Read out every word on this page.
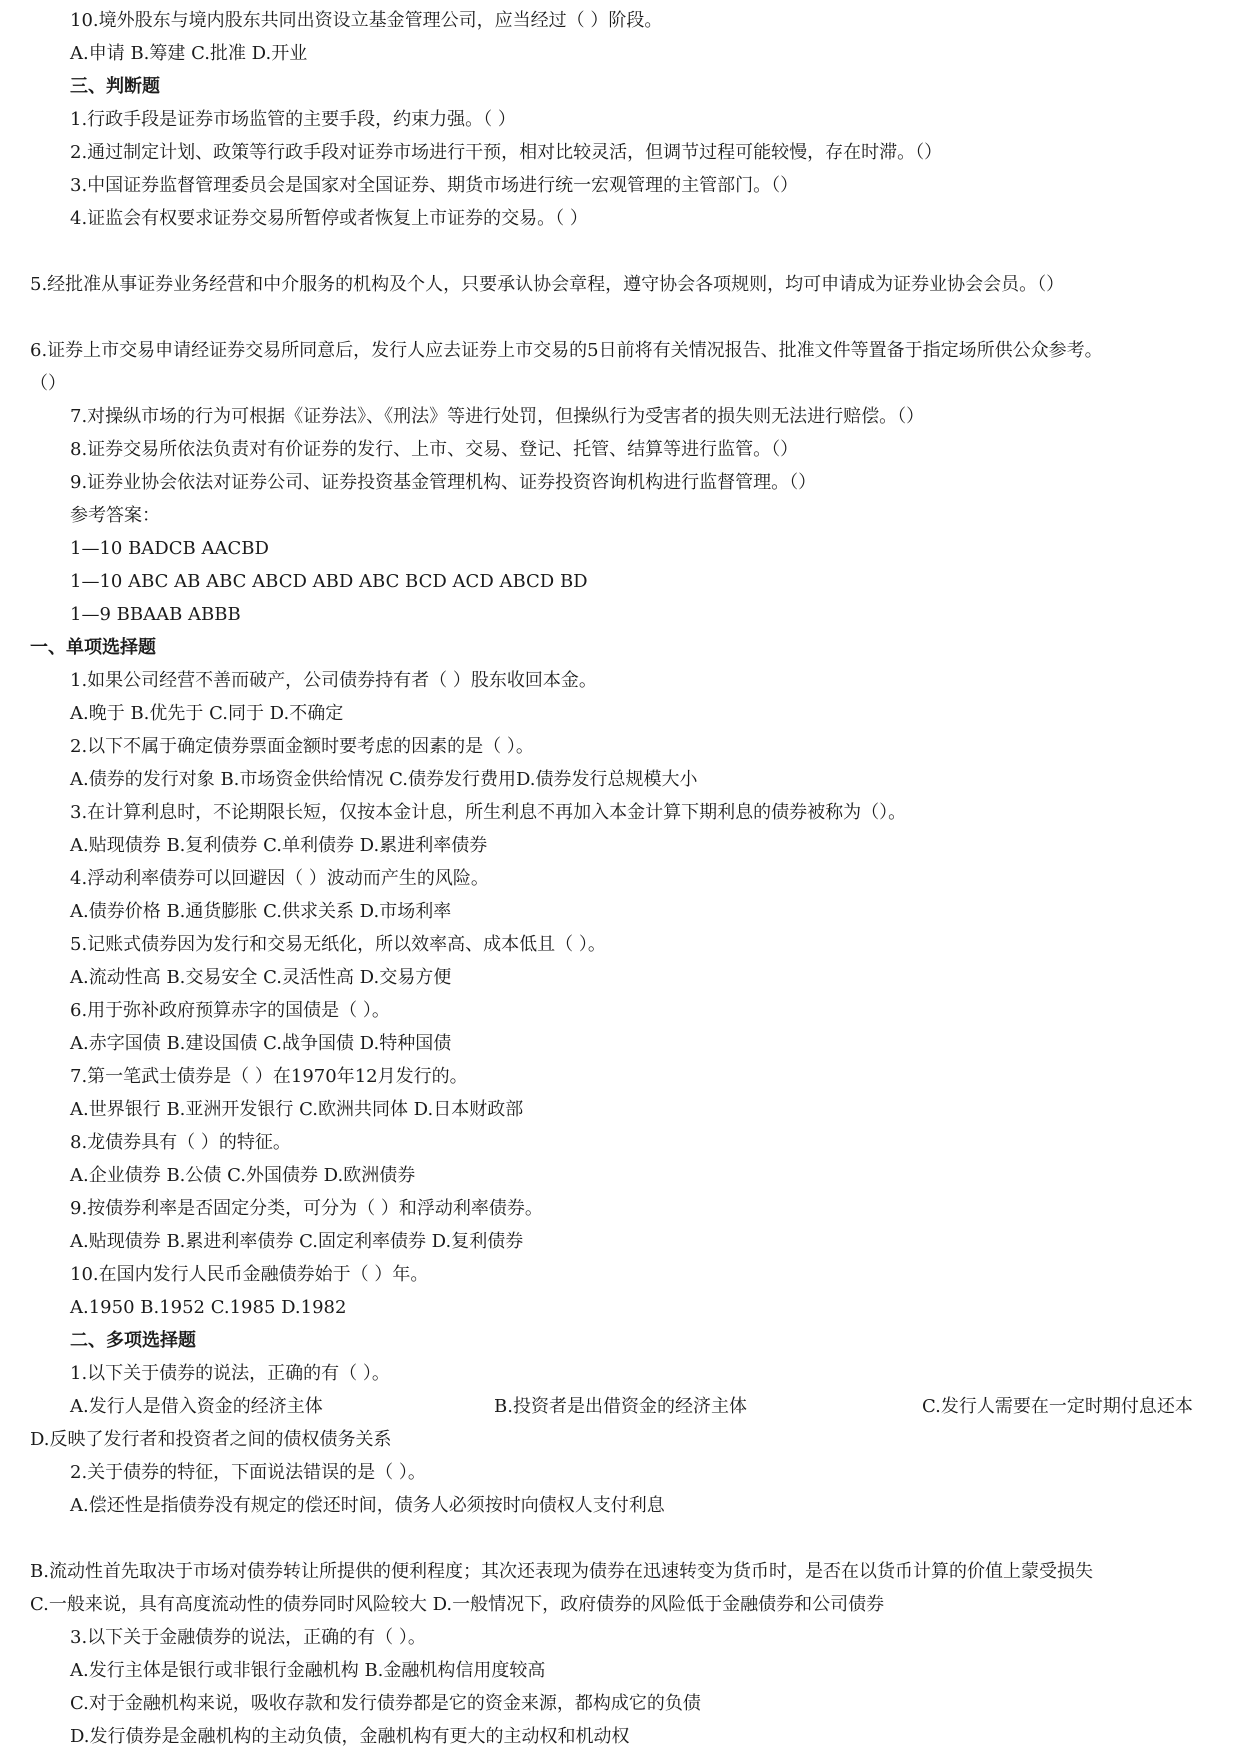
10.境外股东与境内股东共同出资设立基金管理公司，应当经过（ ）阶段。
A.申请 B.筹建 C.批准 D.开业
三、判断题
1.行政手段是证券市场监管的主要手段，约束力强。（ ）
2.通过制定计划、政策等行政手段对证券市场进行干预，相对比较灵活，但调节过程可能较慢，存在时滞。（）
3.中国证券监督管理委员会是国家对全国证券、期货市场进行统一宏观管理的主管部门。（）
4.证监会有权要求证券交易所暂停或者恢复上市证券的交易。（ ）
5.经批准从事证券业务经营和中介服务的机构及个人，只要承认协会章程，遵守协会各项规则，均可申请成为证券业协会会员。（）
6.证券上市交易申请经证券交易所同意后，发行人应去证券上市交易的5日前将有关情况报告、批准文件等置备于指定场所供公众参考。
（）
7.对操纵市场的行为可根据《证券法》、《刑法》等进行处罚，但操纵行为受害者的损失则无法进行赔偿。（）
8.证券交易所依法负责对有价证券的发行、上市、交易、登记、托管、结算等进行监管。（）
9.证券业协会依法对证券公司、证券投资基金管理机构、证券投资咨询机构进行监督管理。（）
参考答案：
1—10 BADCB AACBD
1—10 ABC AB ABC ABCD ABD ABC BCD ACD ABCD BD
1—9 BBAAB ABBB
一、单项选择题
1.如果公司经营不善而破产，公司债券持有者（ ）股东收回本金。
A.晚于 B.优先于 C.同于 D.不确定
2.以下不属于确定债券票面金额时要考虑的因素的是（ ）。
A.债券的发行对象 B.市场资金供给情况 C.债券发行费用D.债券发行总规模大小
3.在计算利息时，不论期限长短，仅按本金计息，所生利息不再加入本金计算下期利息的债券被称为（）。
A.贴现债券 B.复利债券 C.单利债券 D.累进利率债券
4.浮动利率债券可以回避因（ ）波动而产生的风险。
A.债券价格 B.通货膨胀 C.供求关系 D.市场利率
5.记账式债券因为发行和交易无纸化，所以效率高、成本低且（ ）。
A.流动性高 B.交易安全 C.灵活性高 D.交易方便
6.用于弥补政府预算赤字的国债是（ ）。
A.赤字国债 B.建设国债 C.战争国债 D.特种国债
7.第一笔武士债券是（ ）在1970年12月发行的。
A.世界银行 B.亚洲开发银行 C.欧洲共同体 D.日本财政部
8.龙债券具有（ ）的特征。
A.企业债券 B.公债 C.外国债券 D.欧洲债券
9.按债券利率是否固定分类，可分为（ ）和浮动利率债券。
A.贴现债券 B.累进利率债券 C.固定利率债券 D.复利债券
10.在国内发行人民币金融债券始于（ ）年。
A.1950 B.1952 C.1985 D.1982
二、多项选择题
1.以下关于债券的说法，正确的有（ ）。
A.发行人是借入资金的经济主体	B.投资者是出借资金的经济主体	C.发行人需要在一定时期付息还本
D.反映了发行者和投资者之间的债权债务关系
2.关于债券的特征，下面说法错误的是（ ）。
A.偿还性是指债券没有规定的偿还时间，债务人必须按时向债权人支付利息
B.流动性首先取决于市场对债券转让所提供的便利程度；其次还表现为债券在迅速转变为货币时，是否在以货币计算的价值上蒙受损失
C.一般来说，具有高度流动性的债券同时风险较大 D.一般情况下，政府债券的风险低于金融债券和公司债券
3.以下关于金融债券的说法，正确的有（ ）。
A.发行主体是银行或非银行金融机构 B.金融机构信用度较高
C.对于金融机构来说，吸收存款和发行债券都是它的资金来源，都构成它的负债
D.发行债券是金融机构的主动负债，金融机构有更大的主动权和机动权
